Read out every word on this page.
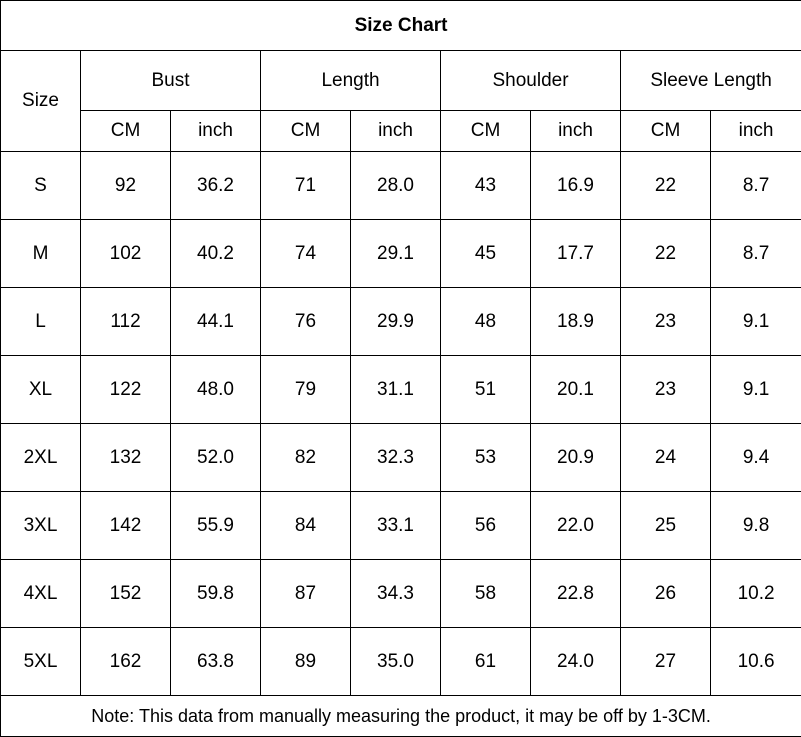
Size Chart								
Size	Bust		Length		Shoulder		Sleeve Length	
	CM	inch	CM	inch	CM	inch	CM	inch
S	92	36.2	71	28.0	43	16.9	22	8.7
M	102	40.2	74	29.1	45	17.7	22	8.7
L	112	44.1	76	29.9	48	18.9	23	9.1
XL	122	48.0	79	31.1	51	20.1	23	9.1
2XL	132	52.0	82	32.3	53	20.9	24	9.4
3XL	142	55.9	84	33.1	56	22.0	25	9.8
4XL	152	59.8	87	34.3	58	22.8	26	10.2
5XL	162	63.8	89	35.0	61	24.0	27	10.6
Note: This data from manually measuring the product, it may be off by 1-3CM.								
